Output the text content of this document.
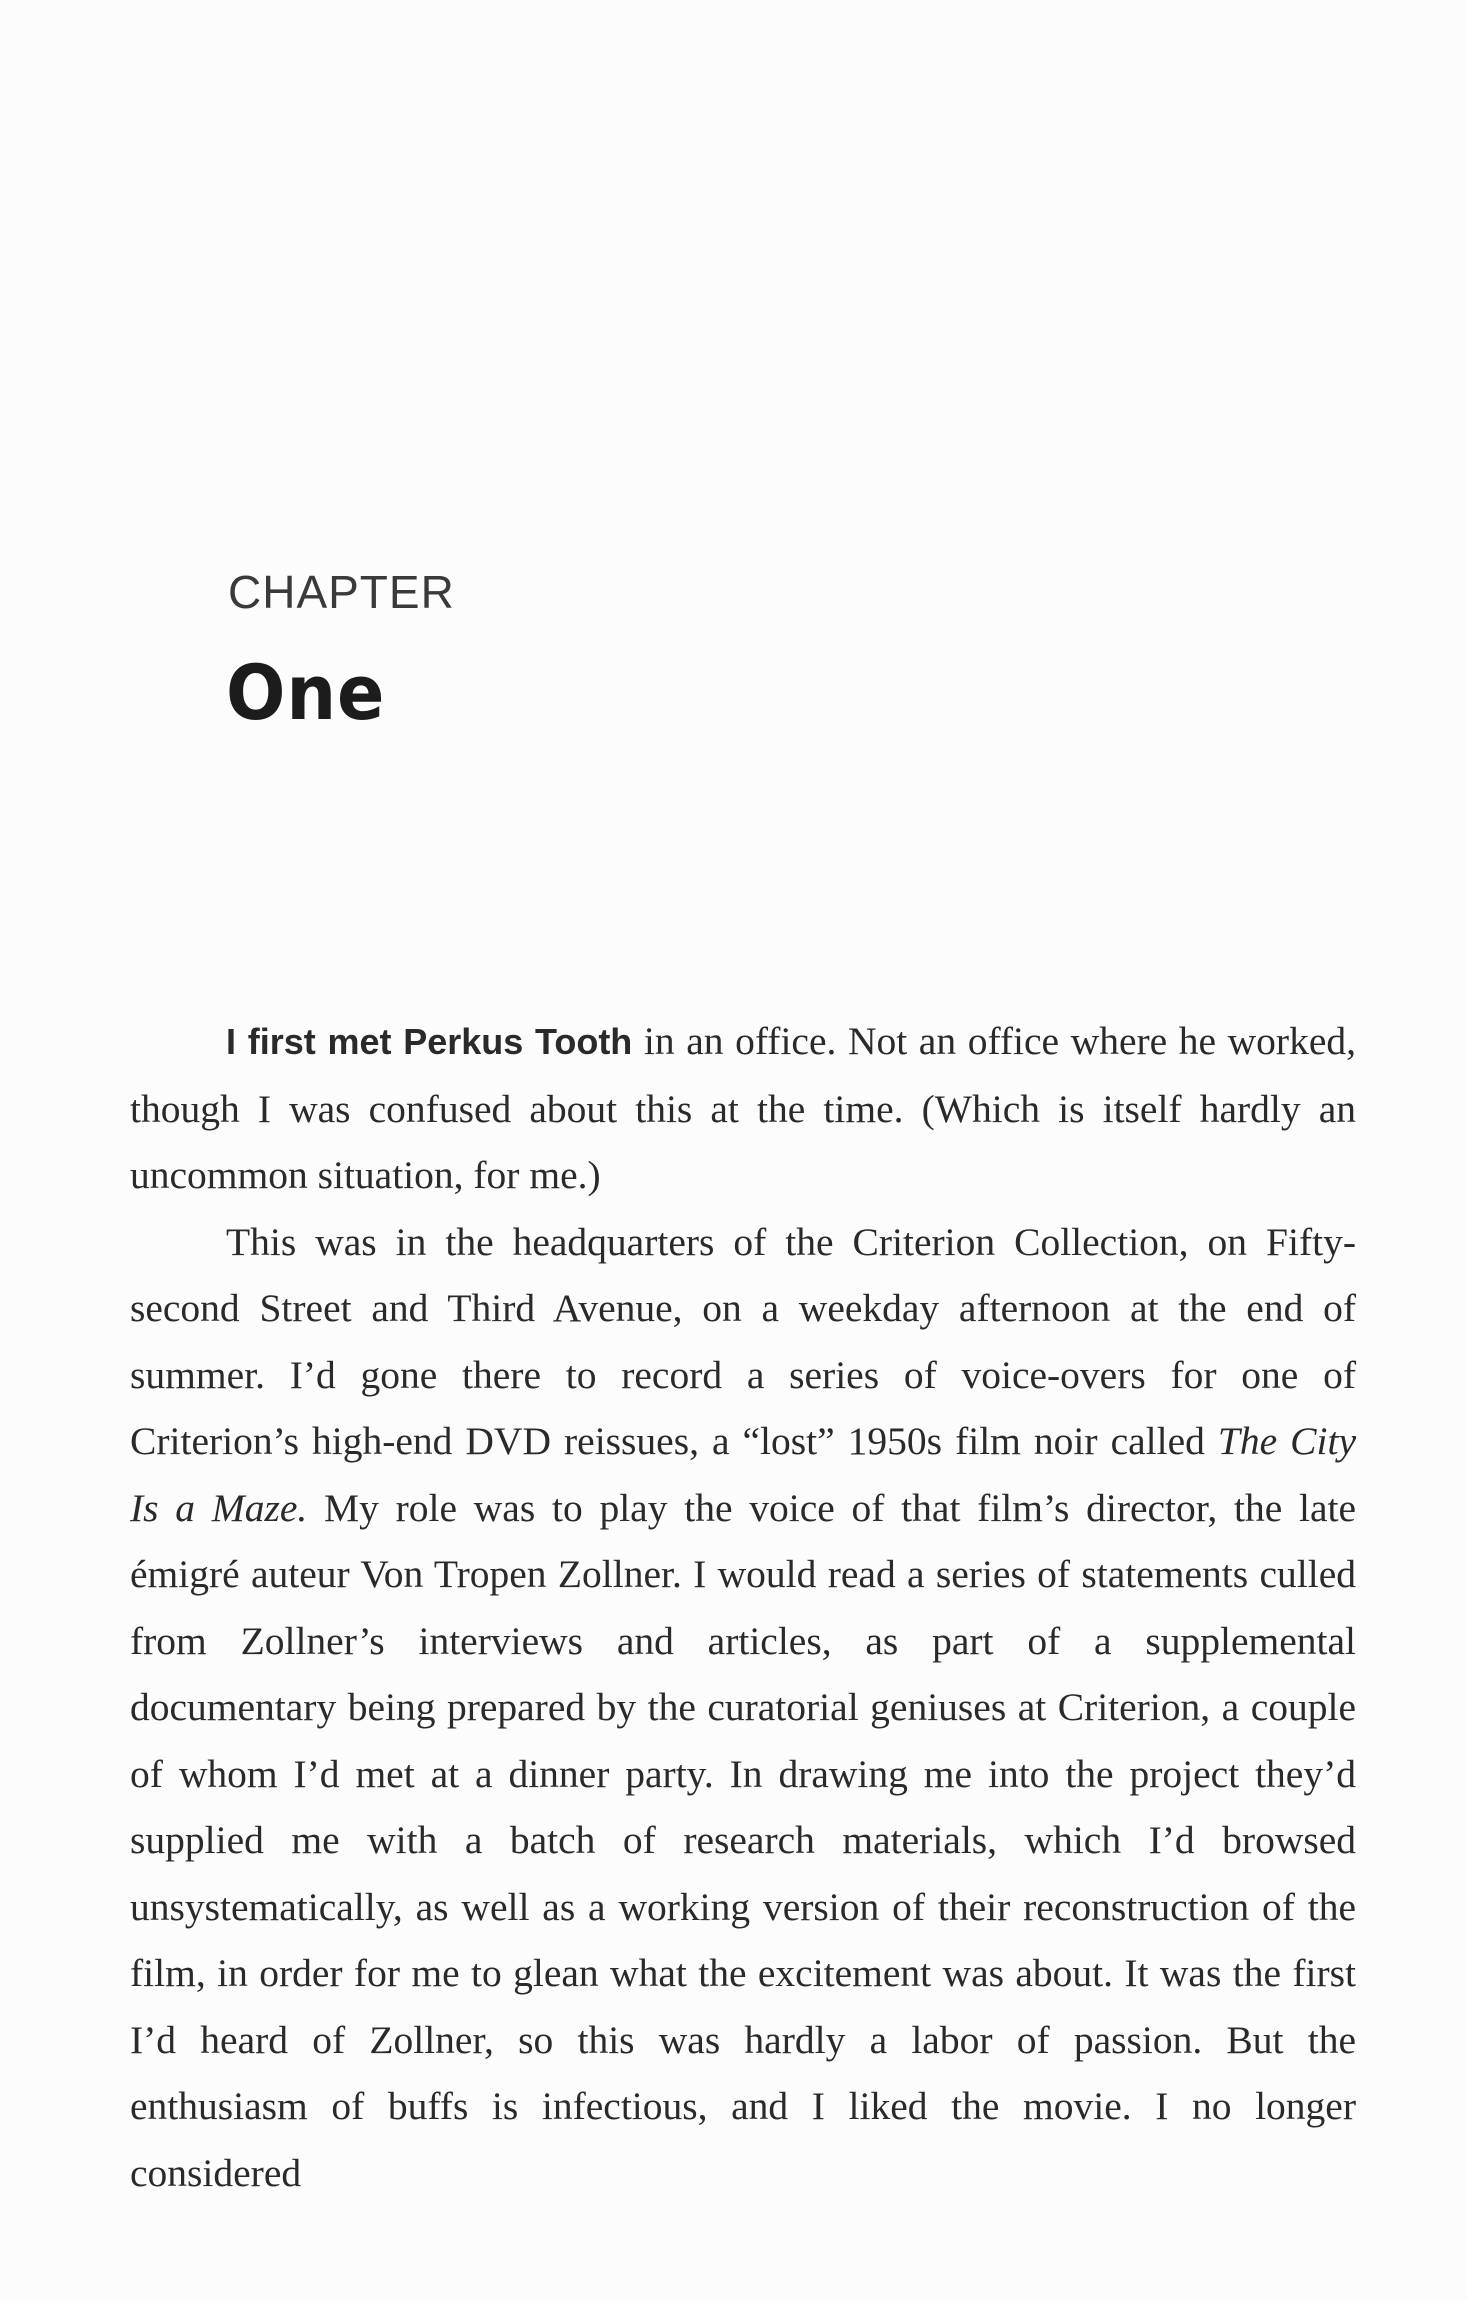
CHAPTER
One

I first met Perkus Tooth in an office. Not an office where he worked, though I was confused about this at the time. (Which is itself hardly an uncommon situation, for me.)

This was in the headquarters of the Criterion Collection, on Fifty-second Street and Third Avenue, on a weekday afternoon at the end of summer. I’d gone there to record a series of voice-overs for one of Criterion’s high-end DVD reissues, a “lost” 1950s film noir called The City Is a Maze. My role was to play the voice of that film’s director, the late émigré auteur Von Tropen Zollner. I would read a series of statements culled from Zollner’s interviews and articles, as part of a supplemental documentary being prepared by the curatorial geniuses at Criterion, a couple of whom I’d met at a dinner party. In drawing me into the project they’d supplied me with a batch of research materials, which I’d browsed unsystematically, as well as a working version of their reconstruction of the film, in order for me to glean what the excitement was about. It was the first I’d heard of Zollner, so this was hardly a labor of passion. But the enthusiasm of buffs is infectious, and I liked the movie. I no longer considered
